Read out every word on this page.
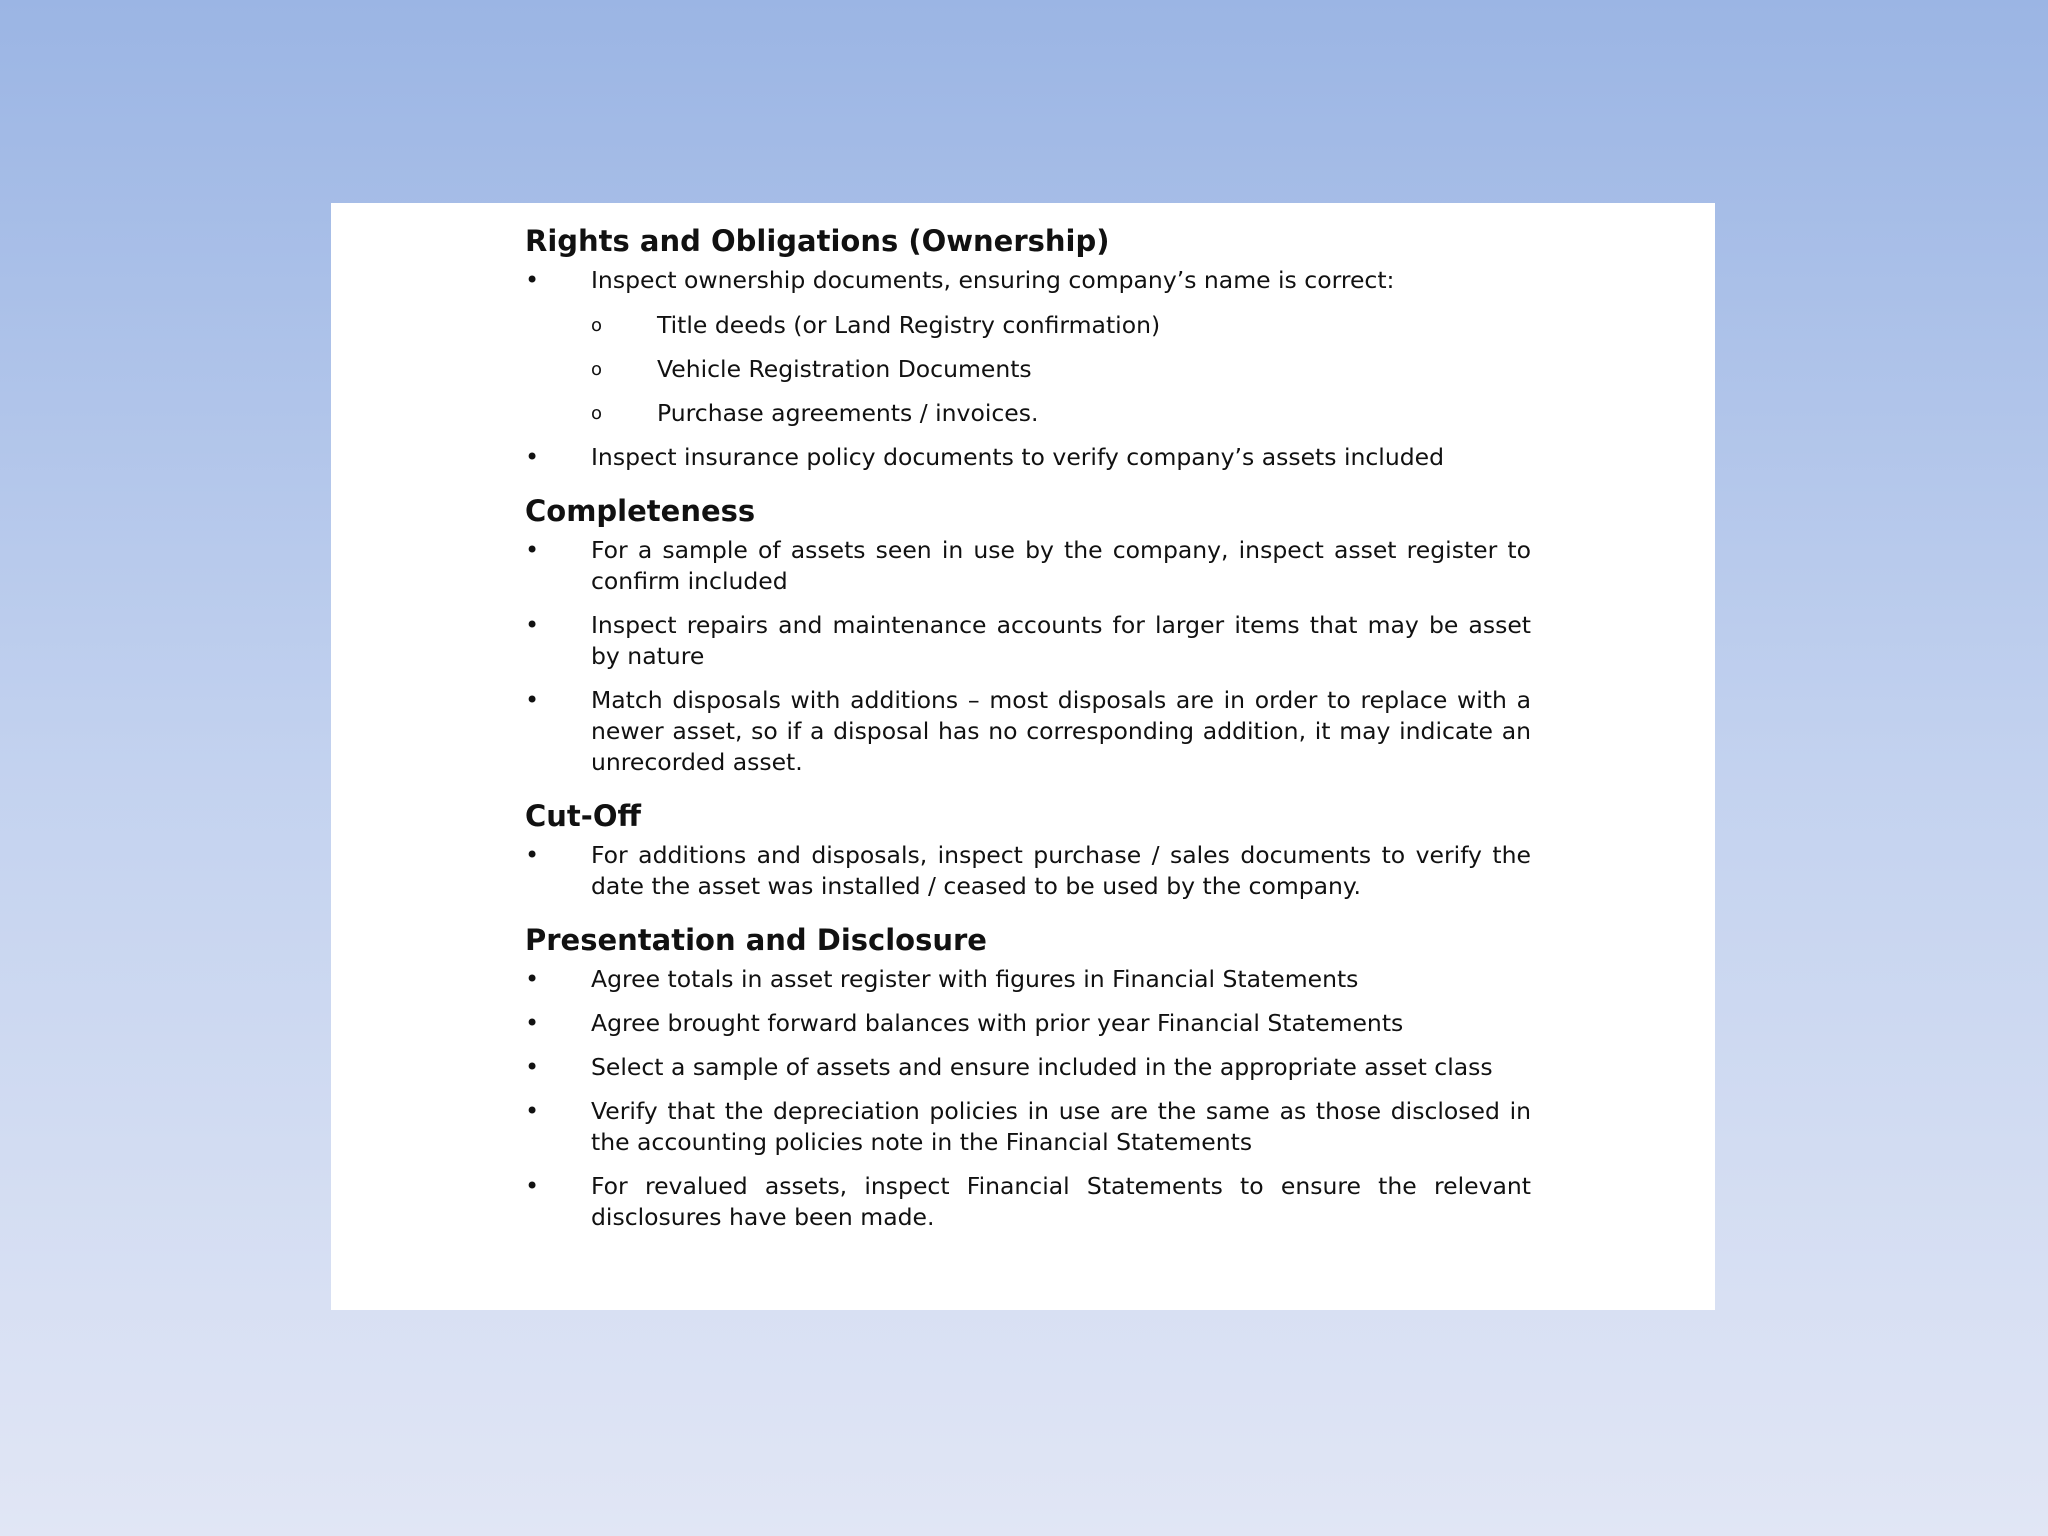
Rights and Obligations (Ownership)
• Inspect ownership documents, ensuring company’s name is correct:
o Title deeds (or Land Registry confirmation)
o Vehicle Registration Documents
o Purchase agreements / invoices.
• Inspect insurance policy documents to verify company’s assets included
Completeness
• For a sample of assets seen in use by the company, inspect asset register to confirm included
• Inspect repairs and maintenance accounts for larger items that may be asset by nature
• Match disposals with additions – most disposals are in order to replace with a newer asset, so if a disposal has no corresponding addition, it may indicate an unrecorded asset.
Cut-Off
• For additions and disposals, inspect purchase / sales documents to verify the date the asset was installed / ceased to be used by the company.
Presentation and Disclosure
• Agree totals in asset register with figures in Financial Statements
• Agree brought forward balances with prior year Financial Statements
• Select a sample of assets and ensure included in the appropriate asset class
• Verify that the depreciation policies in use are the same as those disclosed in the accounting policies note in the Financial Statements
• For revalued assets, inspect Financial Statements to ensure the relevant disclosures have been made.
